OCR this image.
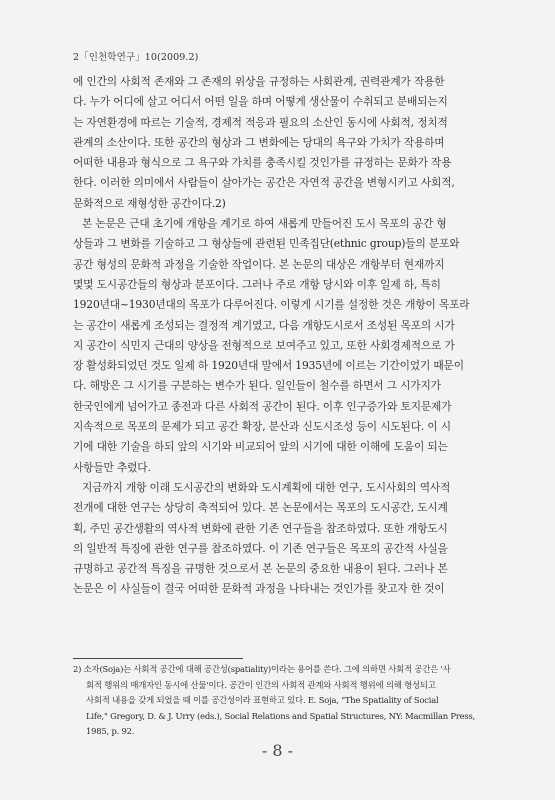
2「인천학연구」10(2009.2)
에 인간의 사회적 존재와 그 존재의 위상을 규정하는 사회관계, 권력관계가 작용한
다. 누가 어디에 살고 어디서 어떤 일을 하며 어떻게 생산물이 수취되고 분배되는지
는 자연환경에 따르는 기술적, 경제적 적응과 필요의 소산인 동시에 사회적, 정치적
관계의 소산이다. 또한 공간의 형상과 그 변화에는 당대의 욕구와 가치가 작용하며
어떠한 내용과 형식으로 그 욕구와 가치를 충족시킬 것인가를 규정하는 문화가 작용
한다. 이러한 의미에서 사람들이 살아가는 공간은 자연적 공간을 변형시키고 사회적,
문화적으로 재형성한 공간이다.2)
본 논문은 근대 초기에 개항을 계기로 하여 새롭게 만들어진 도시 목포의 공간 형
상들과 그 변화를 기술하고 그 형상들에 관련된 민족집단(ethnic group)들의 분포와
공간 형성의 문화적 과정을 기술한 작업이다. 본 논문의 대상은 개항부터 현재까지
몇몇 도시공간들의 형상과 분포이다. 그러나 주로 개항 당시와 이후 일제 하, 특히
1920년대~1930년대의 목포가 다루어진다. 이렇게 시기를 설정한 것은 개항이 목포라
는 공간이 새롭게 조성되는 결정적 계기였고, 다음 개항도시로서 조성된 목포의 시가
지 공간이 식민지 근대의 양상을 전형적으로 보여주고 있고, 또한 사회경제적으로 가
장 활성화되었던 것도 일제 하 1920년대 말에서 1935년에 이르는 기간이었기 때문이
다. 해방은 그 시기를 구분하는 변수가 된다. 일인들이 철수를 하면서 그 시가지가
한국인에게 넘어가고 종전과 다른 사회적 공간이 된다. 이후 인구증가와 토지문제가
지속적으로 목포의 문제가 되고 공간 확장, 분산과 신도시조성 등이 시도된다. 이 시
기에 대한 기술을 하되 앞의 시기와 비교되어 앞의 시기에 대한 이해에 도움이 되는
사항들만 추렸다.
지금까지 개항 이래 도시공간의 변화와 도시계획에 대한 연구, 도시사회의 역사적
전개에 대한 연구는 상당히 축적되어 있다. 본 논문에서는 목포의 도시공간, 도시계
획, 주민 공간생활의 역사적 변화에 관한 기존 연구들을 참조하였다. 또한 개항도시
의 일반적 특징에 관한 연구를 참조하였다. 이 기존 연구들은 목포의 공간적 사실을
규명하고 공간적 특징을 규명한 것으로서 본 논문의 중요한 내용이 된다. 그러나 본
논문은 이 사실들이 결국 어떠한 문화적 과정을 나타내는 것인가를 찾고자 한 것이
2) 소자(Soja)는 사회적 공간에 대해 공간성(spatiality)이라는 용어를 쓴다. 그에 의하면 사회적 공간은 '사
회적 행위의 매개자인 동시에 산물'이다. 공간이 인간의 사회적 관계와 사회적 행위에 의해 형성되고
사회적 내용을 갖게 되었을 때 이를 공간성이라 표현하고 있다. E. Soja, "The Spatiality of Social
Life," Gregory, D. & J. Urry (eds.), Social Relations and Spatial Structures, NY: Macmillan Press,
1985, p. 92.
- 8 -
